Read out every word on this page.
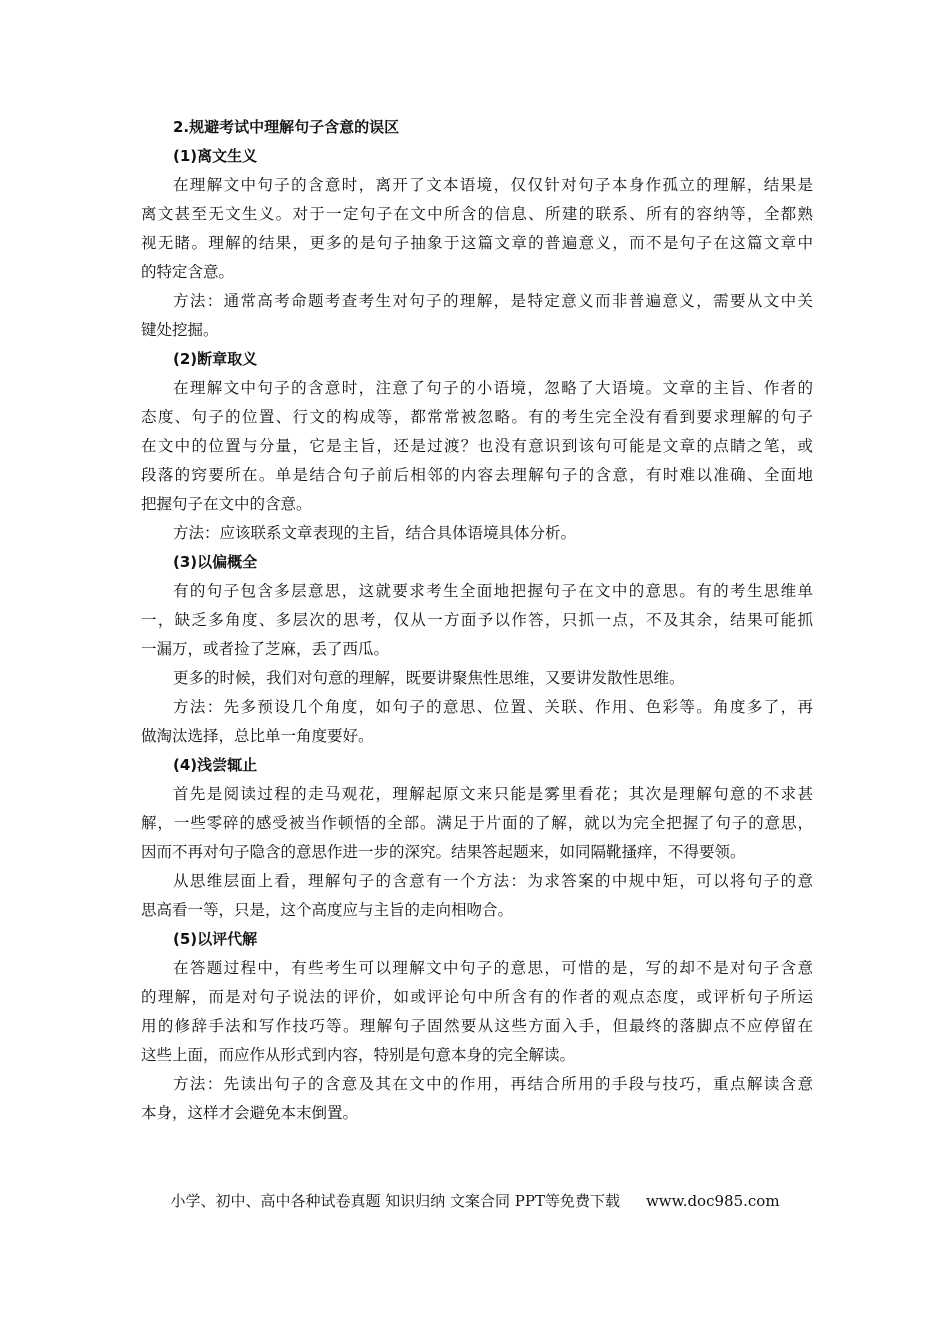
2.规避考试中理解句子含意的误区

(1)离文生义

在理解文中句子的含意时，离开了文本语境，仅仅针对句子本身作孤立的理解，结果是

离文甚至无文生义。对于一定句子在文中所含的信息、所建的联系、所有的容纳等，全都熟

视无睹。理解的结果，更多的是句子抽象于这篇文章的普遍意义，而不是句子在这篇文章中

的特定含意。

方法：通常高考命题考查考生对句子的理解，是特定意义而非普遍意义，需要从文中关

键处挖掘。

(2)断章取义

在理解文中句子的含意时，注意了句子的小语境，忽略了大语境。文章的主旨、作者的

态度、句子的位置、行文的构成等，都常常被忽略。有的考生完全没有看到要求理解的句子

在文中的位置与分量，它是主旨，还是过渡？也没有意识到该句可能是文章的点睛之笔，或

段落的窍要所在。单是结合句子前后相邻的内容去理解句子的含意，有时难以准确、全面地

把握句子在文中的含意。

方法：应该联系文章表现的主旨，结合具体语境具体分析。

(3)以偏概全

有的句子包含多层意思，这就要求考生全面地把握句子在文中的意思。有的考生思维单

一，缺乏多角度、多层次的思考，仅从一方面予以作答，只抓一点，不及其余，结果可能抓

一漏万，或者捡了芝麻，丢了西瓜。

更多的时候，我们对句意的理解，既要讲聚焦性思维，又要讲发散性思维。

方法：先多预设几个角度，如句子的意思、位置、关联、作用、色彩等。角度多了，再

做淘汰选择，总比单一角度要好。

(4)浅尝辄止

首先是阅读过程的走马观花，理解起原文来只能是雾里看花；其次是理解句意的不求甚

解，一些零碎的感受被当作顿悟的全部。满足于片面的了解，就以为完全把握了句子的意思，

因而不再对句子隐含的意思作进一步的深究。结果答起题来，如同隔靴搔痒，不得要领。

从思维层面上看，理解句子的含意有一个方法：为求答案的中规中矩，可以将句子的意

思高看一等，只是，这个高度应与主旨的走向相吻合。

(5)以评代解

在答题过程中，有些考生可以理解文中句子的意思，可惜的是，写的却不是对句子含意

的理解，而是对句子说法的评价，如或评论句中所含有的作者的观点态度，或评析句子所运

用的修辞手法和写作技巧等。理解句子固然要从这些方面入手，但最终的落脚点不应停留在

这些上面，而应作从形式到内容，特别是句意本身的完全解读。

方法：先读出句子的含意及其在文中的作用，再结合所用的手段与技巧，重点解读含意

本身，这样才会避免本末倒置。

小学、初中、高中各种试卷真题 知识归纳 文案合同 PPT等免费下载 www.doc985.com
